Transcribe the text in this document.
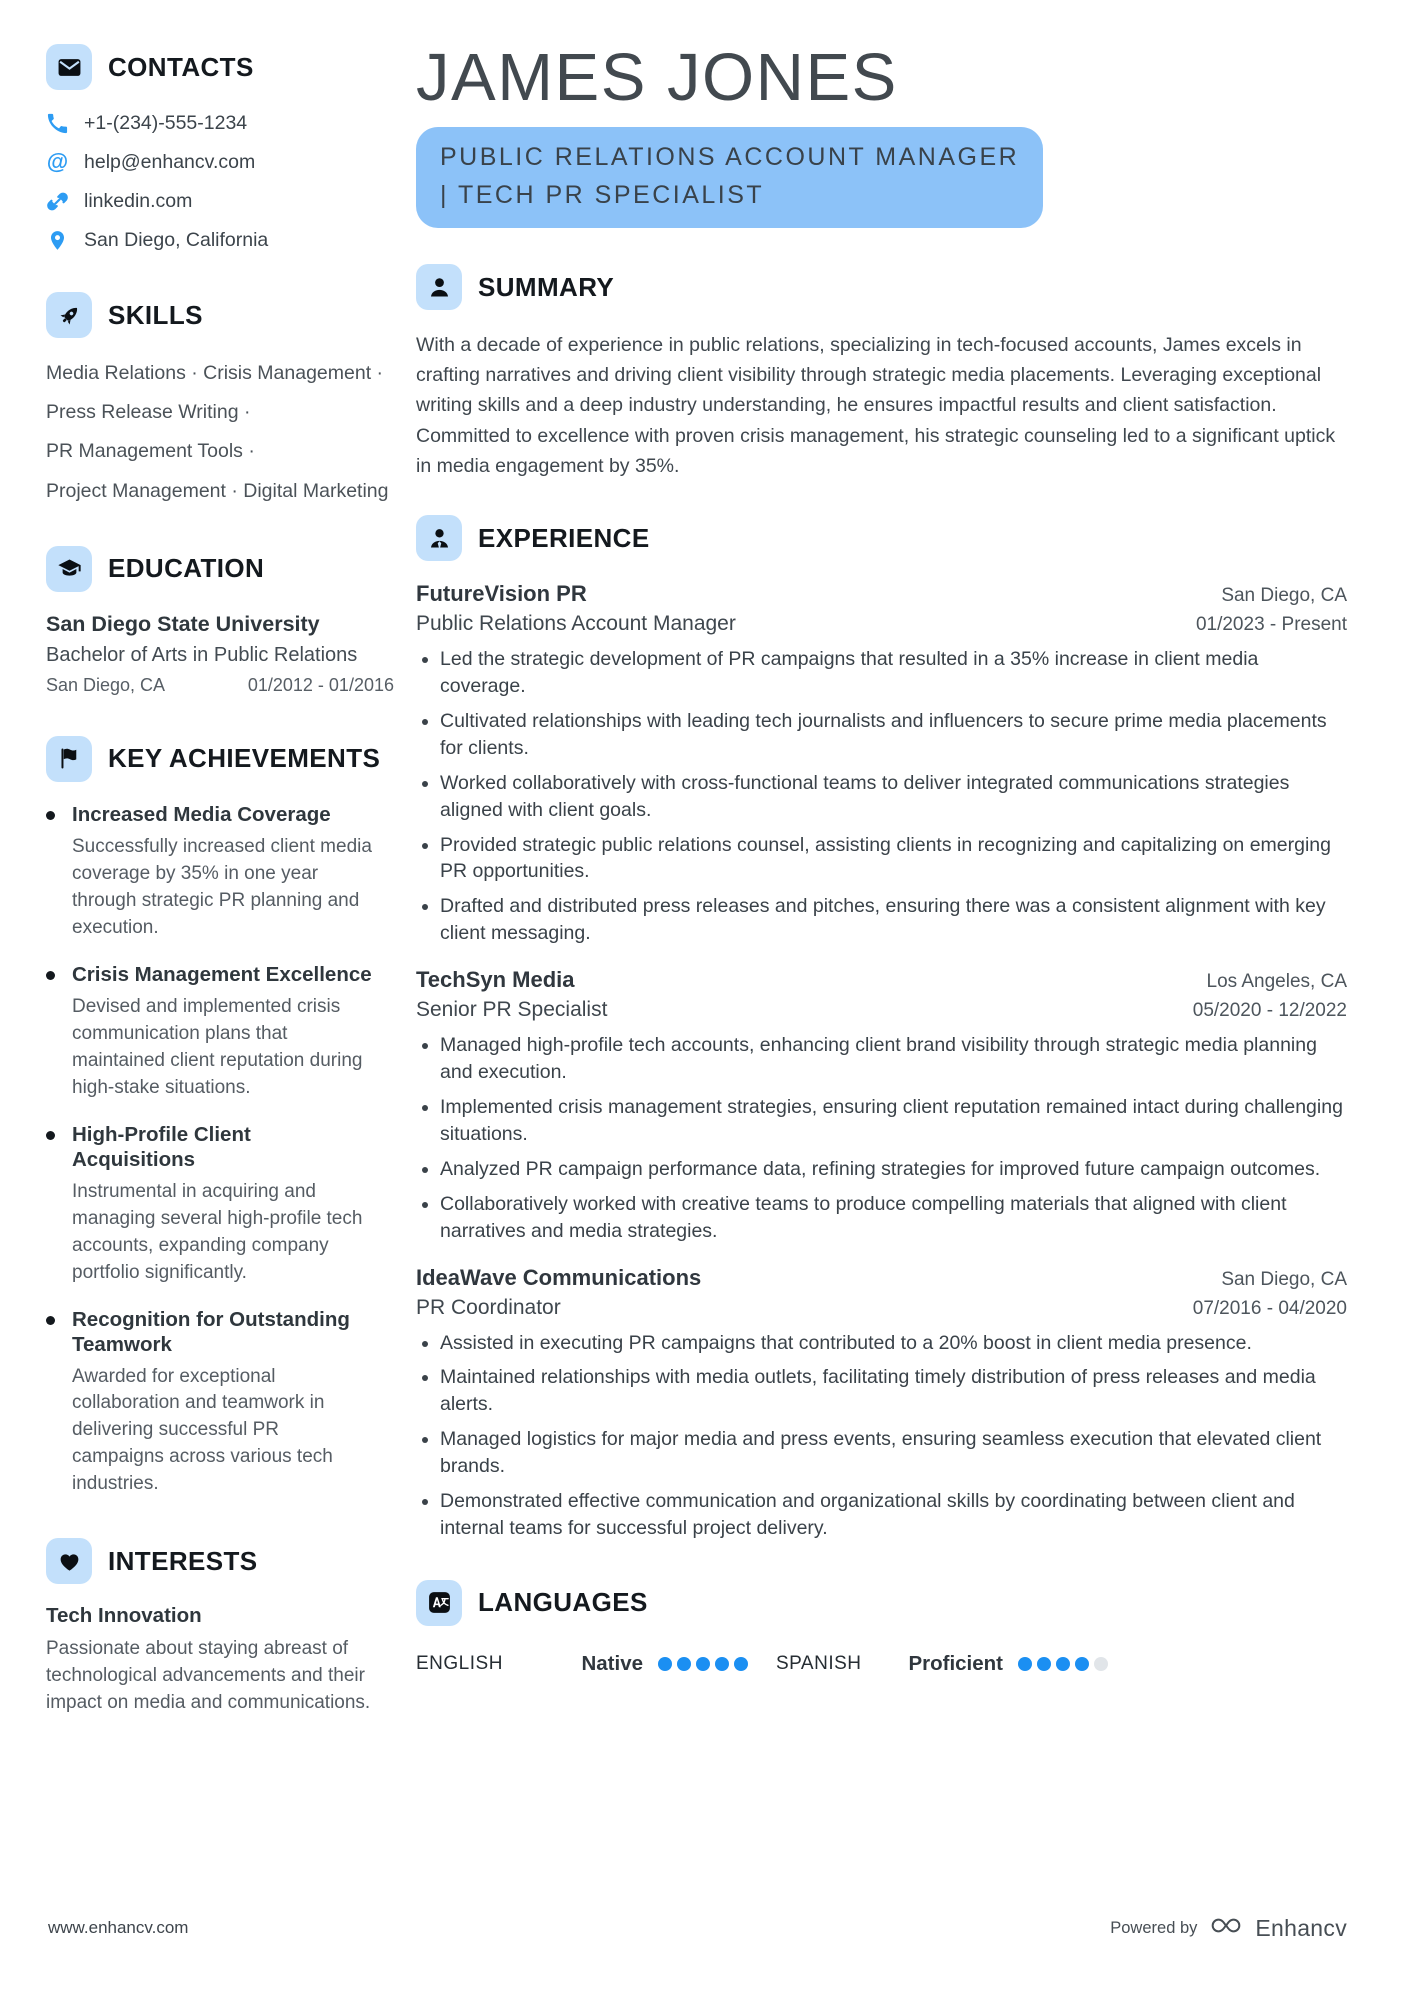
CONTACTS
+1-(234)-555-1234
@ help@enhancv.com
linkedin.com
San Diego, California
SKILLS
Media Relations · Crisis Management ·
Press Release Writing ·
PR Management Tools ·
Project Management · Digital Marketing
EDUCATION
San Diego State University
Bachelor of Arts in Public Relations
San Diego, CA	01/2012 - 01/2016
KEY ACHIEVEMENTS
Increased Media Coverage

Successfully increased client media coverage by 35% in one year through strategic PR planning and execution.

Crisis Management Excellence

Devised and implemented crisis communication plans that maintained client reputation during high-stake situations.

High-Profile Client Acquisitions

Instrumental in acquiring and managing several high-profile tech accounts, expanding company portfolio significantly.

Recognition for Outstanding Teamwork

Awarded for exceptional collaboration and teamwork in delivering successful PR campaigns across various tech industries.

INTERESTS
Tech Innovation

Passionate about staying abreast of technological advancements and their impact on media and communications.

JAMES JONES
PUBLIC RELATIONS ACCOUNT MANAGER
| TECH PR SPECIALIST
SUMMARY

With a decade of experience in public relations, specializing in tech-focused accounts, James excels in crafting narratives and driving client visibility through strategic media placements. Leveraging exceptional writing skills and a deep industry understanding, he ensures impactful results and client satisfaction. Committed to excellence with proven crisis management, his strategic counseling led to a significant uptick in media engagement by 35%.

EXPERIENCE
FutureVision PR	San Diego, CA
Public Relations Account Manager	01/2023 - Present
• Led the strategic development of PR campaigns that resulted in a 35% increase in client media coverage.
• Cultivated relationships with leading tech journalists and influencers to secure prime media placements for clients.
• Worked collaboratively with cross-functional teams to deliver integrated communications strategies aligned with client goals.
• Provided strategic public relations counsel, assisting clients in recognizing and capitalizing on emerging PR opportunities.
• Drafted and distributed press releases and pitches, ensuring there was a consistent alignment with key client messaging.
TechSyn Media	Los Angeles, CA
Senior PR Specialist	05/2020 - 12/2022
• Managed high-profile tech accounts, enhancing client brand visibility through strategic media planning and execution.
• Implemented crisis management strategies, ensuring client reputation remained intact during challenging situations.
• Analyzed PR campaign performance data, refining strategies for improved future campaign outcomes.
• Collaboratively worked with creative teams to produce compelling materials that aligned with client narratives and media strategies.
IdeaWave Communications	San Diego, CA
PR Coordinator	07/2016 - 04/2020
• Assisted in executing PR campaigns that contributed to a 20% boost in client media presence.
• Maintained relationships with media outlets, facilitating timely distribution of press releases and media alerts.
• Managed logistics for major media and press events, ensuring seamless execution that elevated client brands.
• Demonstrated effective communication and organizational skills by coordinating between client and internal teams for successful project delivery.
LANGUAGES
ENGLISH	Native	SPANISH Proficient
www.enhancv.com	Powered by	Enhancv
